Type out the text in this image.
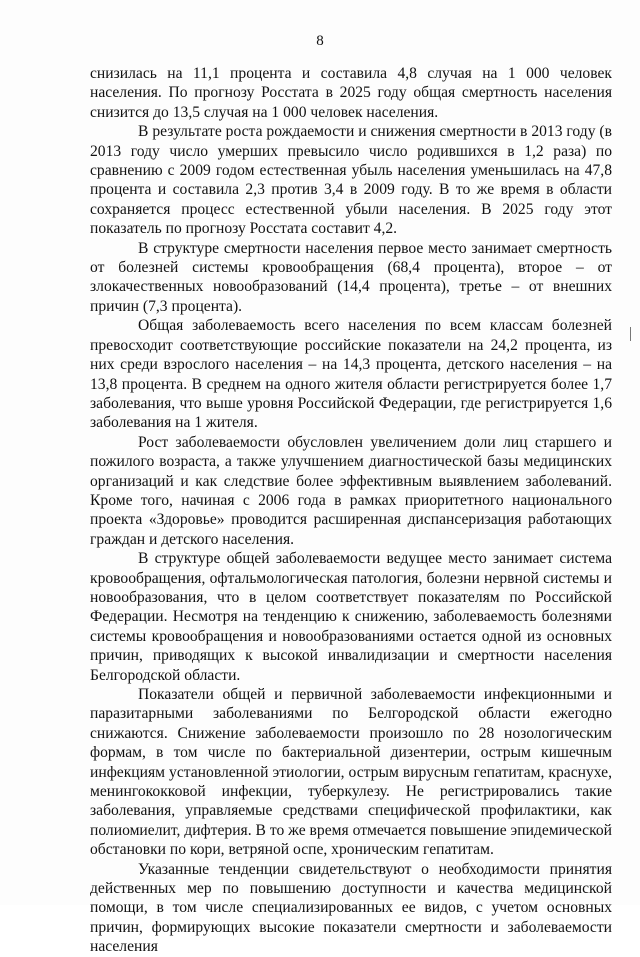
8

снизилась на 11,1 процента и составила 4,8 случая на 1 000 человек населения. По прогнозу Росстата в 2025 году общая смертность населения снизится до 13,5 случая на 1 000 человек населения.

В результате роста рождаемости и снижения смертности в 2013 году (в 2013 году число умерших превысило число родившихся в 1,2 раза) по сравнению с 2009 годом естественная убыль населения уменьшилась на 47,8 процента и составила 2,3 против 3,4 в 2009 году. В то же время в области сохраняется процесс естественной убыли населения. В 2025 году этот показатель по прогнозу Росстата составит 4,2.

В структуре смертности населения первое место занимает смертность от болезней системы кровообращения (68,4 процента), второе – от злокачественных новообразований (14,4 процента), третье – от внешних причин (7,3 процента).

Общая заболеваемость всего населения по всем классам болезней превосходит соответствующие российские показатели на 24,2 процента, из них среди взрослого населения – на 14,3 процента, детского населения – на 13,8 процента. В среднем на одного жителя области регистрируется более 1,7 заболевания, что выше уровня Российской Федерации, где регистрируется 1,6 заболевания на 1 жителя.

Рост заболеваемости обусловлен увеличением доли лиц старшего и пожилого возраста, а также улучшением диагностической базы медицинских организаций и как следствие более эффективным выявлением заболеваний. Кроме того, начиная с 2006 года в рамках приоритетного национального проекта «Здоровье» проводится расширенная диспансеризация работающих граждан и детского населения.

В структуре общей заболеваемости ведущее место занимает система кровообращения, офтальмологическая патология, болезни нервной системы и новообразования, что в целом соответствует показателям по Российской Федерации. Несмотря на тенденцию к снижению, заболеваемость болезнями системы кровообращения и новообразованиями остается одной из основных причин, приводящих к высокой инвалидизации и смертности населения Белгородской области.

Показатели общей и первичной заболеваемости инфекционными и паразитарными заболеваниями по Белгородской области ежегодно снижаются. Снижение заболеваемости произошло по 28 нозологическим формам, в том числе по бактериальной дизентерии, острым кишечным инфекциям установленной этиологии, острым вирусным гепатитам, краснухе, менингококковой инфекции, туберкулезу. Не регистрировались такие заболевания, управляемые средствами специфической профилактики, как полиомиелит, дифтерия. В то же время отмечается повышение эпидемической обстановки по кори, ветряной оспе, хроническим гепатитам.

Указанные тенденции свидетельствуют о необходимости принятия действенных мер по повышению доступности и качества медицинской помощи, в том числе специализированных ее видов, с учетом основных причин, формирующих высокие показатели смертности и заболеваемости населения
